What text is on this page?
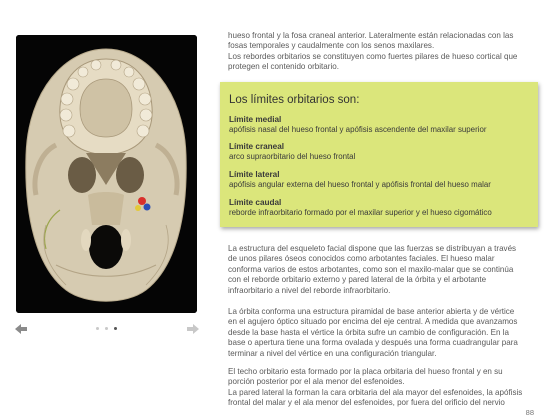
hueso frontal y la fosa craneal anterior. Lateralmente están relacionadas con las

fosas temporales y caudalmente con los senos maxilares.

Los rebordes orbitarios se constituyen como fuertes pilares de hueso cortical que

protegen el contenido orbitario.

Los límites orbitarios son:
Límite medial
apófisis nasal del hueso frontal y apófisis ascendente del maxilar superior
Límite craneal
arco supraorbitario del hueso frontal
Límite lateral
apófisis angular externa del hueso frontal y apófisis frontal del hueso malar
Límite caudal
reborde infraorbitario formado por el maxilar superior y el hueso cigomático

La estructura del esqueleto facial dispone que las fuerzas se distribuyan a través

de unos pilares óseos conocidos como arbotantes faciales. El hueso malar

conforma varios de estos arbotantes, como son el maxilo-malar que se continúa

con el reborde orbitario externo y pared lateral de la órbita y el arbotante

infraorbitario a nivel del reborde infraorbitario.

La órbita conforma una estructura piramidal de base anterior abierta y de vértice

en el agujero óptico situado por encima del eje central. A medida que avanzamos

desde la base hasta el vértice la órbita sufre un cambio de configuración. En la

base o apertura tiene una forma ovalada y después una forma cuadrangular para

terminar a nivel del vértice en una configuración triangular.

El techo orbitario esta formado por la placa orbitaria del hueso frontal y en su

porción posterior por el ala menor del esfenoides.

La pared lateral la forman la cara orbitaria del ala mayor del esfenoides, la apófisis

frontal del malar y el ala menor del esfenoides, por fuera del orificio del nervio

88
